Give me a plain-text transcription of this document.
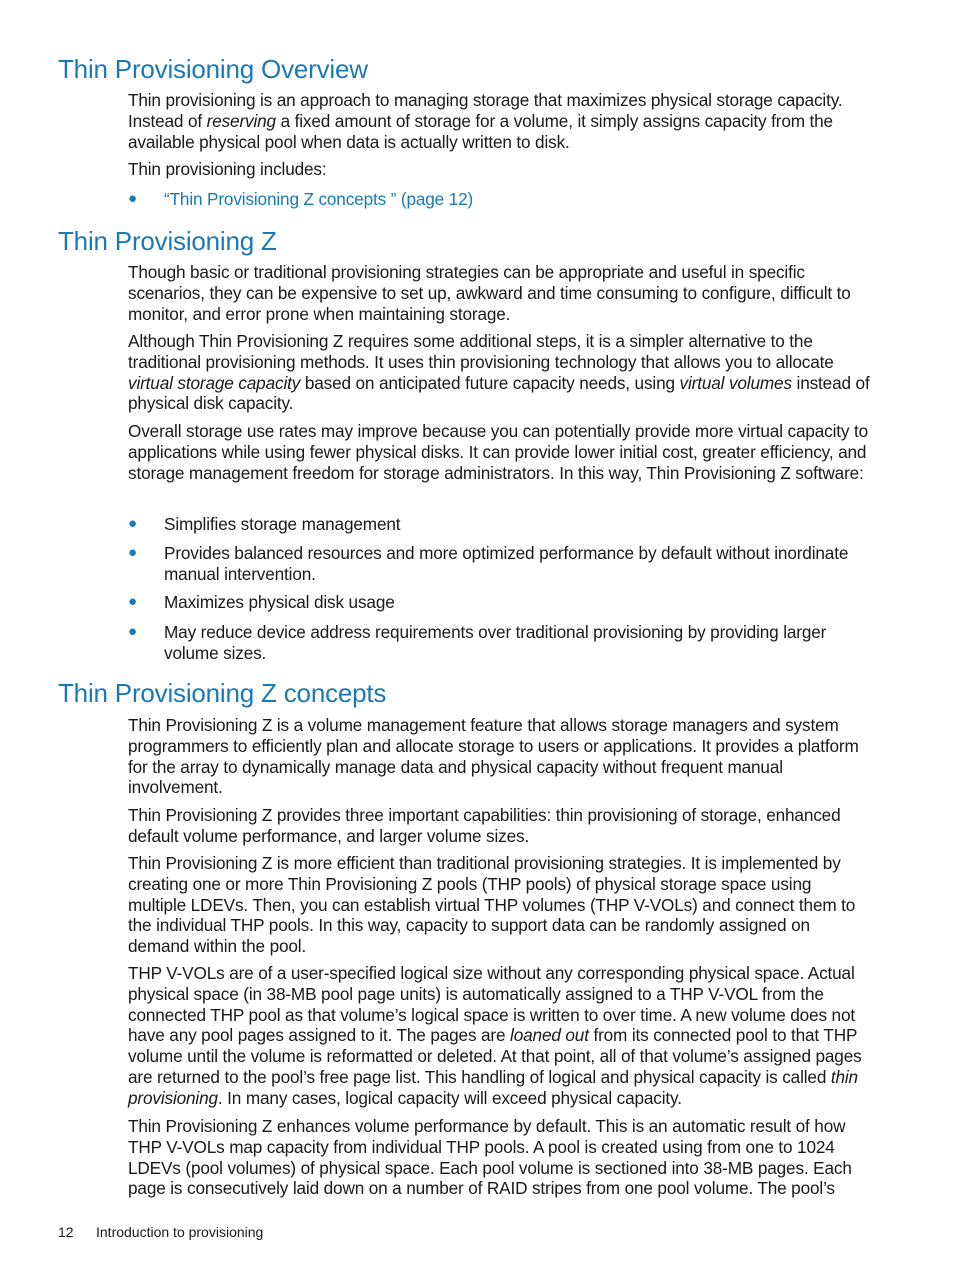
Thin Provisioning Overview

Thin provisioning is an approach to managing storage that maximizes physical storage capacity. Instead of reserving a fixed amount of storage for a volume, it simply assigns capacity from the available physical pool when data is actually written to disk.

Thin provisioning includes:

● “Thin Provisioning Z concepts ” (page 12)
Thin Provisioning Z

Though basic or traditional provisioning strategies can be appropriate and useful in specific scenarios, they can be expensive to set up, awkward and time consuming to configure, difficult to monitor, and error prone when maintaining storage.

Although Thin Provisioning Z requires some additional steps, it is a simpler alternative to the traditional provisioning methods. It uses thin provisioning technology that allows you to allocate virtual storage capacity based on anticipated future capacity needs, using virtual volumes instead of physical disk capacity.

Overall storage use rates may improve because you can potentially provide more virtual capacity to applications while using fewer physical disks. It can provide lower initial cost, greater efficiency, and storage management freedom for storage administrators. In this way, Thin Provisioning Z software:

● Simplifies storage management
● Provides balanced resources and more optimized performance by default without inordinate manual intervention.
● Maximizes physical disk usage
● May reduce device address requirements over traditional provisioning by providing larger volume sizes.
Thin Provisioning Z concepts

Thin Provisioning Z is a volume management feature that allows storage managers and system programmers to efficiently plan and allocate storage to users or applications. It provides a platform for the array to dynamically manage data and physical capacity without frequent manual involvement.

Thin Provisioning Z provides three important capabilities: thin provisioning of storage, enhanced default volume performance, and larger volume sizes.

Thin Provisioning Z is more efficient than traditional provisioning strategies. It is implemented by creating one or more Thin Provisioning Z pools (THP pools) of physical storage space using multiple LDEVs. Then, you can establish virtual THP volumes (THP V-VOLs) and connect them to the individual THP pools. In this way, capacity to support data can be randomly assigned on demand within the pool.

THP V-VOLs are of a user-specified logical size without any corresponding physical space. Actual physical space (in 38-MB pool page units) is automatically assigned to a THP V-VOL from the connected THP pool as that volume’s logical space is written to over time. A new volume does not have any pool pages assigned to it. The pages are loaned out from its connected pool to that THP volume until the volume is reformatted or deleted. At that point, all of that volume’s assigned pages are returned to the pool’s free page list. This handling of logical and physical capacity is called thin provisioning. In many cases, logical capacity will exceed physical capacity.

Thin Provisioning Z enhances volume performance by default. This is an automatic result of how THP V-VOLs map capacity from individual THP pools. A pool is created using from one to 1024 LDEVs (pool volumes) of physical space. Each pool volume is sectioned into 38-MB pages. Each page is consecutively laid down on a number of RAID stripes from one pool volume. The pool’s

12 Introduction to provisioning
